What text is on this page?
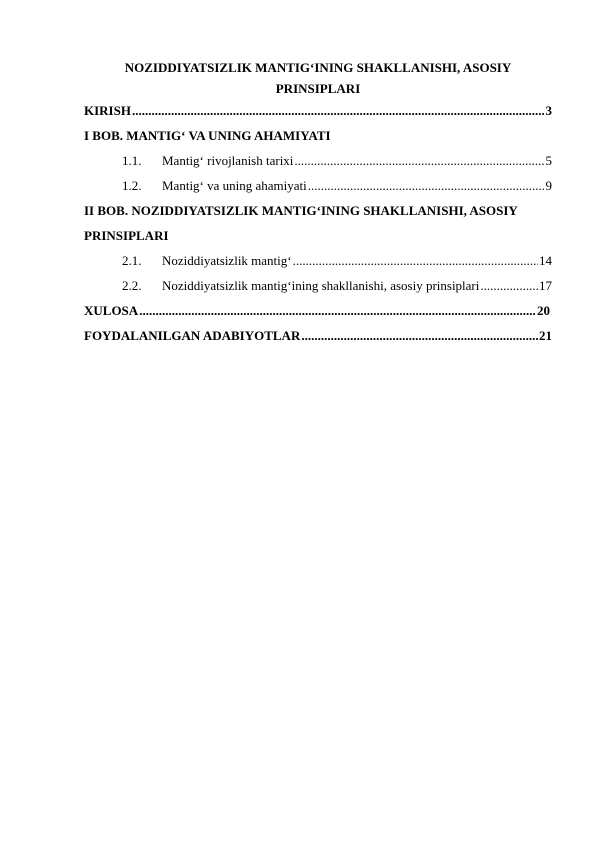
NOZIDDIYATSIZLIK MANTIG‘INING SHAKLLANISHI, ASOSIY
PRINSIPLARI
KIRISH .....	3
I BOB. MANTIG‘ VA UNING AHAMIYATI
1.1.	Mantig‘ rivojlanish tarixi .....	5
1.2.	Mantig‘ va uning ahamiyati .....	9
II BOB. NOZIDDIYATSIZLIK MANTIG‘INING SHAKLLANISHI, ASOSIY
PRINSIPLARI
2.1.	Noziddiyatsizlik mantig‘ .....	14
2.2.	Noziddiyatsizlik mantig‘ining shakllanishi, asosiy prinsiplari .....	17
XULOSA .....	20
FOYDALANILGAN ADABIYOTLAR .....	21
